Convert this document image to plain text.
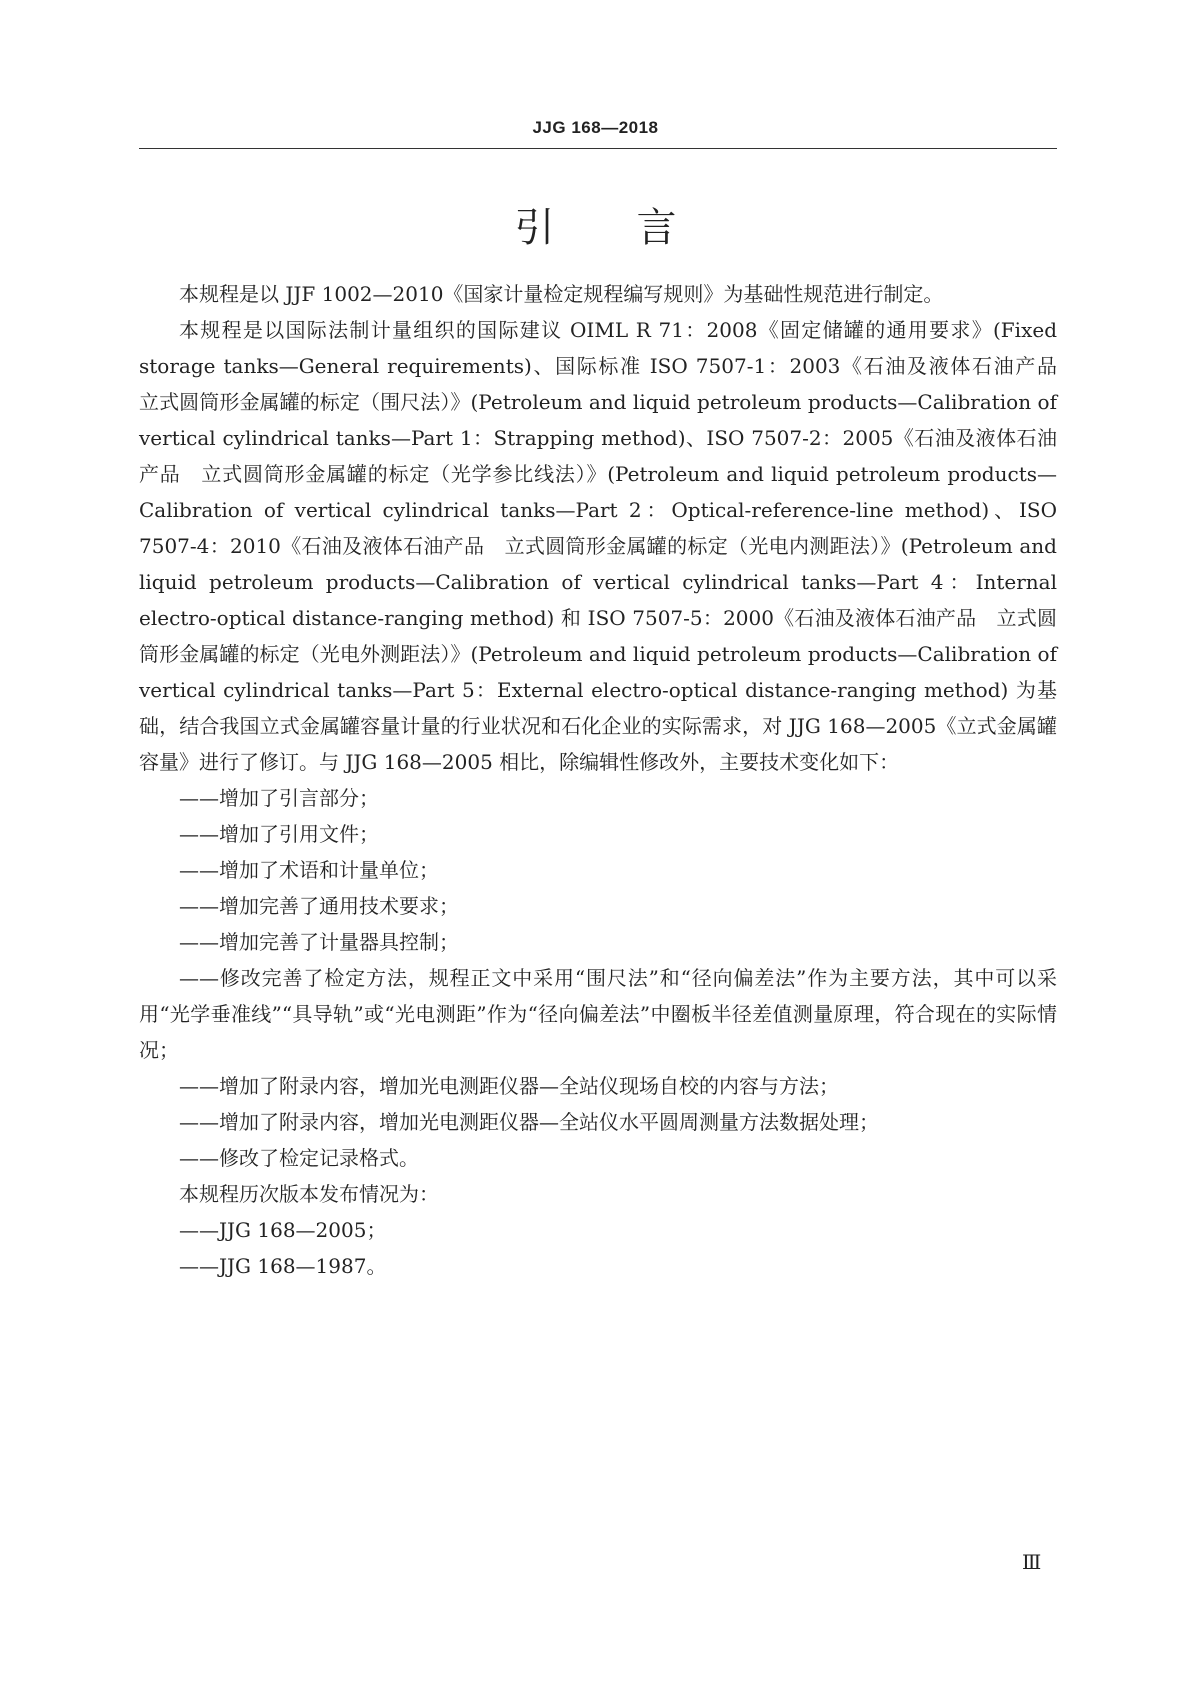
JJG 168—2018
引 言

本规程是以 JJF 1002—2010《国家计量检定规程编写规则》为基础性规范进行制定。

本规程是以国际法制计量组织的国际建议 OIML R 71：2008《固定储罐的通用要求》(Fixed storage tanks—General requirements)、国际标准 ISO 7507-1：2003《石油及液体石油产品　立式圆筒形金属罐的标定（围尺法）》(Petroleum and liquid petroleum products—Calibration of vertical cylindrical tanks—Part 1：Strapping method)、ISO 7507-2：2005《石油及液体石油产品　立式圆筒形金属罐的标定（光学参比线法）》(Petroleum and liquid petroleum products—Calibration of vertical cylindrical tanks—Part 2：Optical-reference-line method)、ISO 7507-4：2010《石油及液体石油产品　立式圆筒形金属罐的标定（光电内测距法）》(Petroleum and liquid petroleum products—Calibration of vertical cylindrical tanks—Part 4：Internal electro-optical distance-ranging method) 和 ISO 7507-5：2000《石油及液体石油产品　立式圆筒形金属罐的标定（光电外测距法）》(Petroleum and liquid petroleum products—Calibration of vertical cylindrical tanks—Part 5：External electro-optical distance-ranging method) 为基础，结合我国立式金属罐容量计量的行业状况和石化企业的实际需求，对 JJG 168—2005《立式金属罐容量》进行了修订。与 JJG 168—2005 相比，除编辑性修改外，主要技术变化如下：

——增加了引言部分；

——增加了引用文件；

——增加了术语和计量单位；

——增加完善了通用技术要求；

——增加完善了计量器具控制；

——修改完善了检定方法，规程正文中采用“围尺法”和“径向偏差法”作为主要方法，其中可以采用“光学垂准线”“具导轨”或“光电测距”作为“径向偏差法”中圈板半径差值测量原理，符合现在的实际情况；

——增加了附录内容，增加光电测距仪器—全站仪现场自校的内容与方法；

——增加了附录内容，增加光电测距仪器—全站仪水平圆周测量方法数据处理；

——修改了检定记录格式。

本规程历次版本发布情况为：

——JJG 168—2005；

——JJG 168—1987。

Ⅲ
